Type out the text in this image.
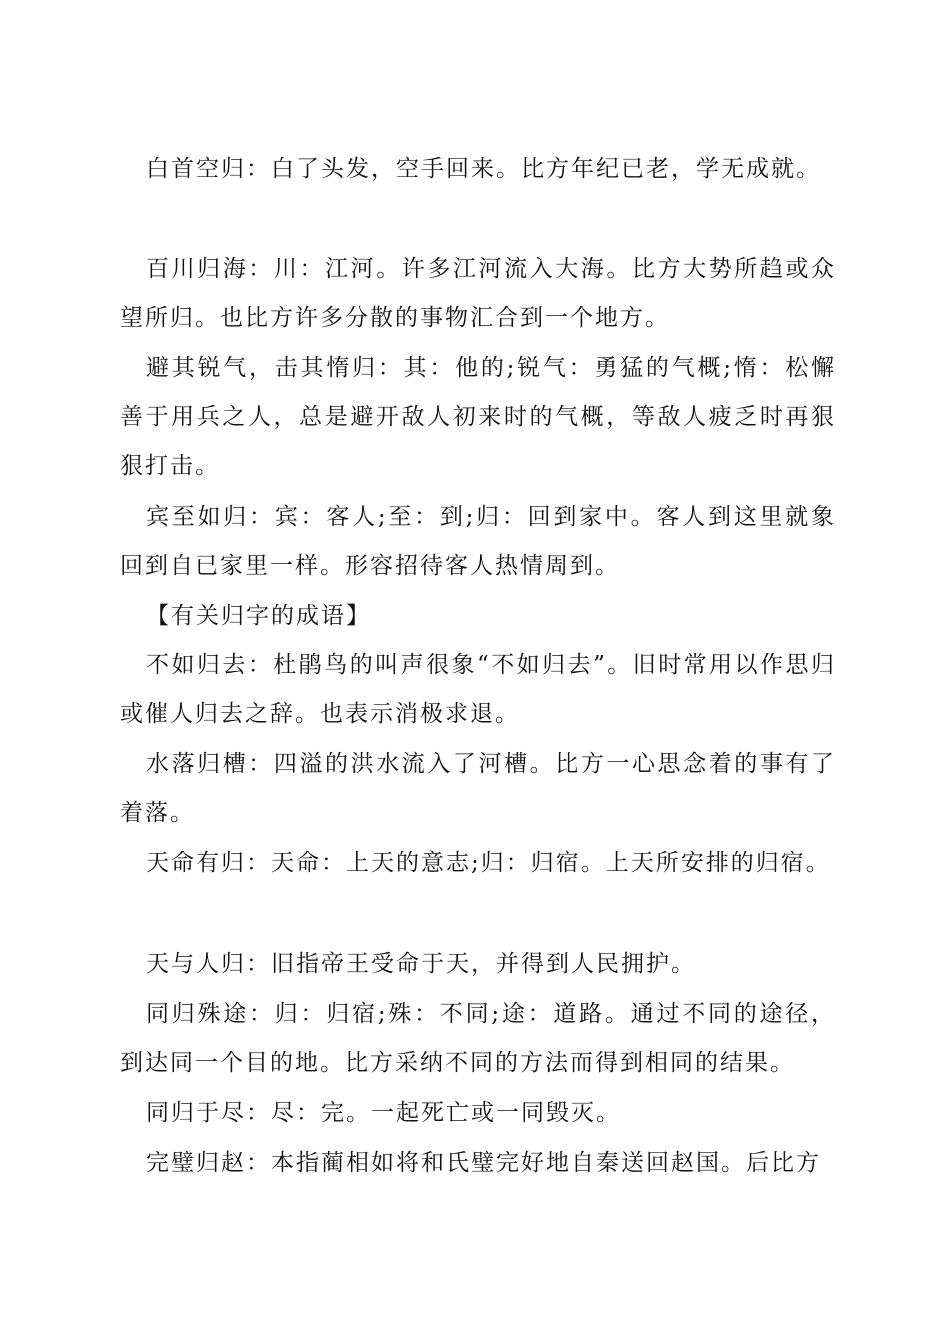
白首空归：白了头发，空手回来。比方年纪已老，学无成就。

百川归海：川：江河。许多江河流入大海。比方大势所趋或众望所归。也比方许多分散的事物汇合到一个地方。

避其锐气，击其惰归：其：他的;锐气：勇猛的气概;惰：松懈善于用兵之人，总是避开敌人初来时的气概，等敌人疲乏时再狠狠打击。

宾至如归：宾：客人;至：到;归：回到家中。客人到这里就象回到自已家里一样。形容招待客人热情周到。

【有关归字的成语】

不如归去：杜鹃鸟的叫声很象“不如归去”。旧时常用以作思归或催人归去之辞。也表示消极求退。

水落归槽：四溢的洪水流入了河槽。比方一心思念着的事有了着落。

天命有归：天命：上天的意志;归：归宿。上天所安排的归宿。

天与人归：旧指帝王受命于天，并得到人民拥护。

同归殊途：归：归宿;殊：不同;途：道路。通过不同的途径，到达同一个目的地。比方采纳不同的方法而得到相同的结果。

同归于尽：尽：完。一起死亡或一同毁灭。

完璧归赵：本指蔺相如将和氏璧完好地自秦送回赵国。后比方
